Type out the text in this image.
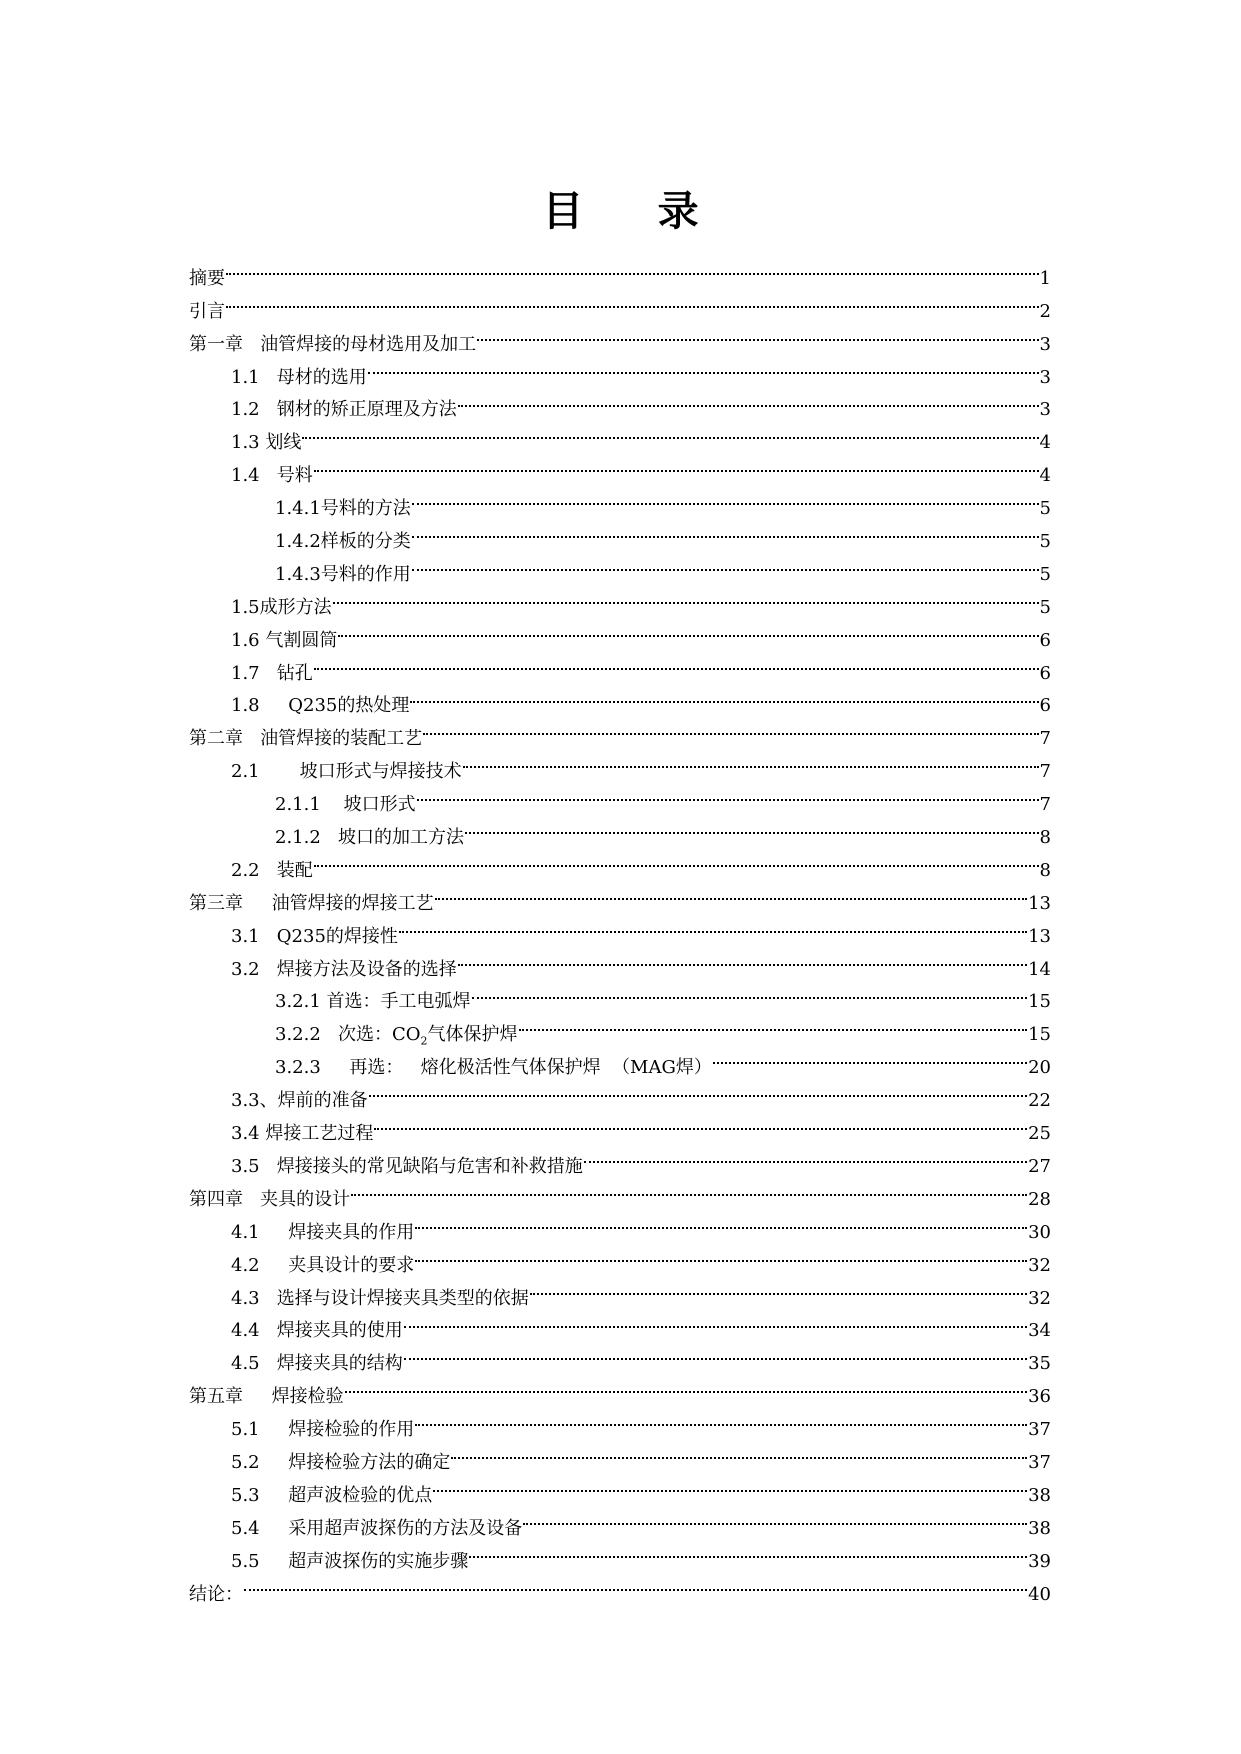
目 录
摘要	1
引言	2
第一章   油管焊接的母材选用及加工	3
1.1   母材的选用	3
1.2   钢材的矫正原理及方法	3
1.3 划线	4
1.4   号料	4
1.4.1号料的方法	5
1.4.2样板的分类	5
1.4.3号料的作用	5
1.5成形方法	5
1.6 气割圆筒	6
1.7   钻孔	6
1.8     Q235的热处理	6
第二章   油管焊接的装配工艺	7
2.1       坡口形式与焊接技术	7
2.1.1    坡口形式	7
2.1.2   坡口的加工方法	8
2.2   装配	8
第三章     油管焊接的焊接工艺	13
3.1   Q235的焊接性	13
3.2   焊接方法及设备的选择	14
3.2.1 首选：手工电弧焊	15
3.2.2   次选：$CO_2$气体保护焊	15
3.2.3     再选：   熔化极活性气体保护焊  （MAG焊）	20
3.3、焊前的准备	22
3.4 焊接工艺过程	25
3.5   焊接接头的常见缺陷与危害和补救措施	27
第四章   夹具的设计	28
4.1     焊接夹具的作用	30
4.2     夹具设计的要求	32
4.3   选择与设计焊接夹具类型的依据	32
4.4   焊接夹具的使用	34
4.5   焊接夹具的结构	35
第五章     焊接检验	36
5.1     焊接检验的作用	37
5.2     焊接检验方法的确定	37
5.3     超声波检验的优点	38
5.4     采用超声波探伤的方法及设备	38
5.5     超声波探伤的实施步骤	39
结论：	40
